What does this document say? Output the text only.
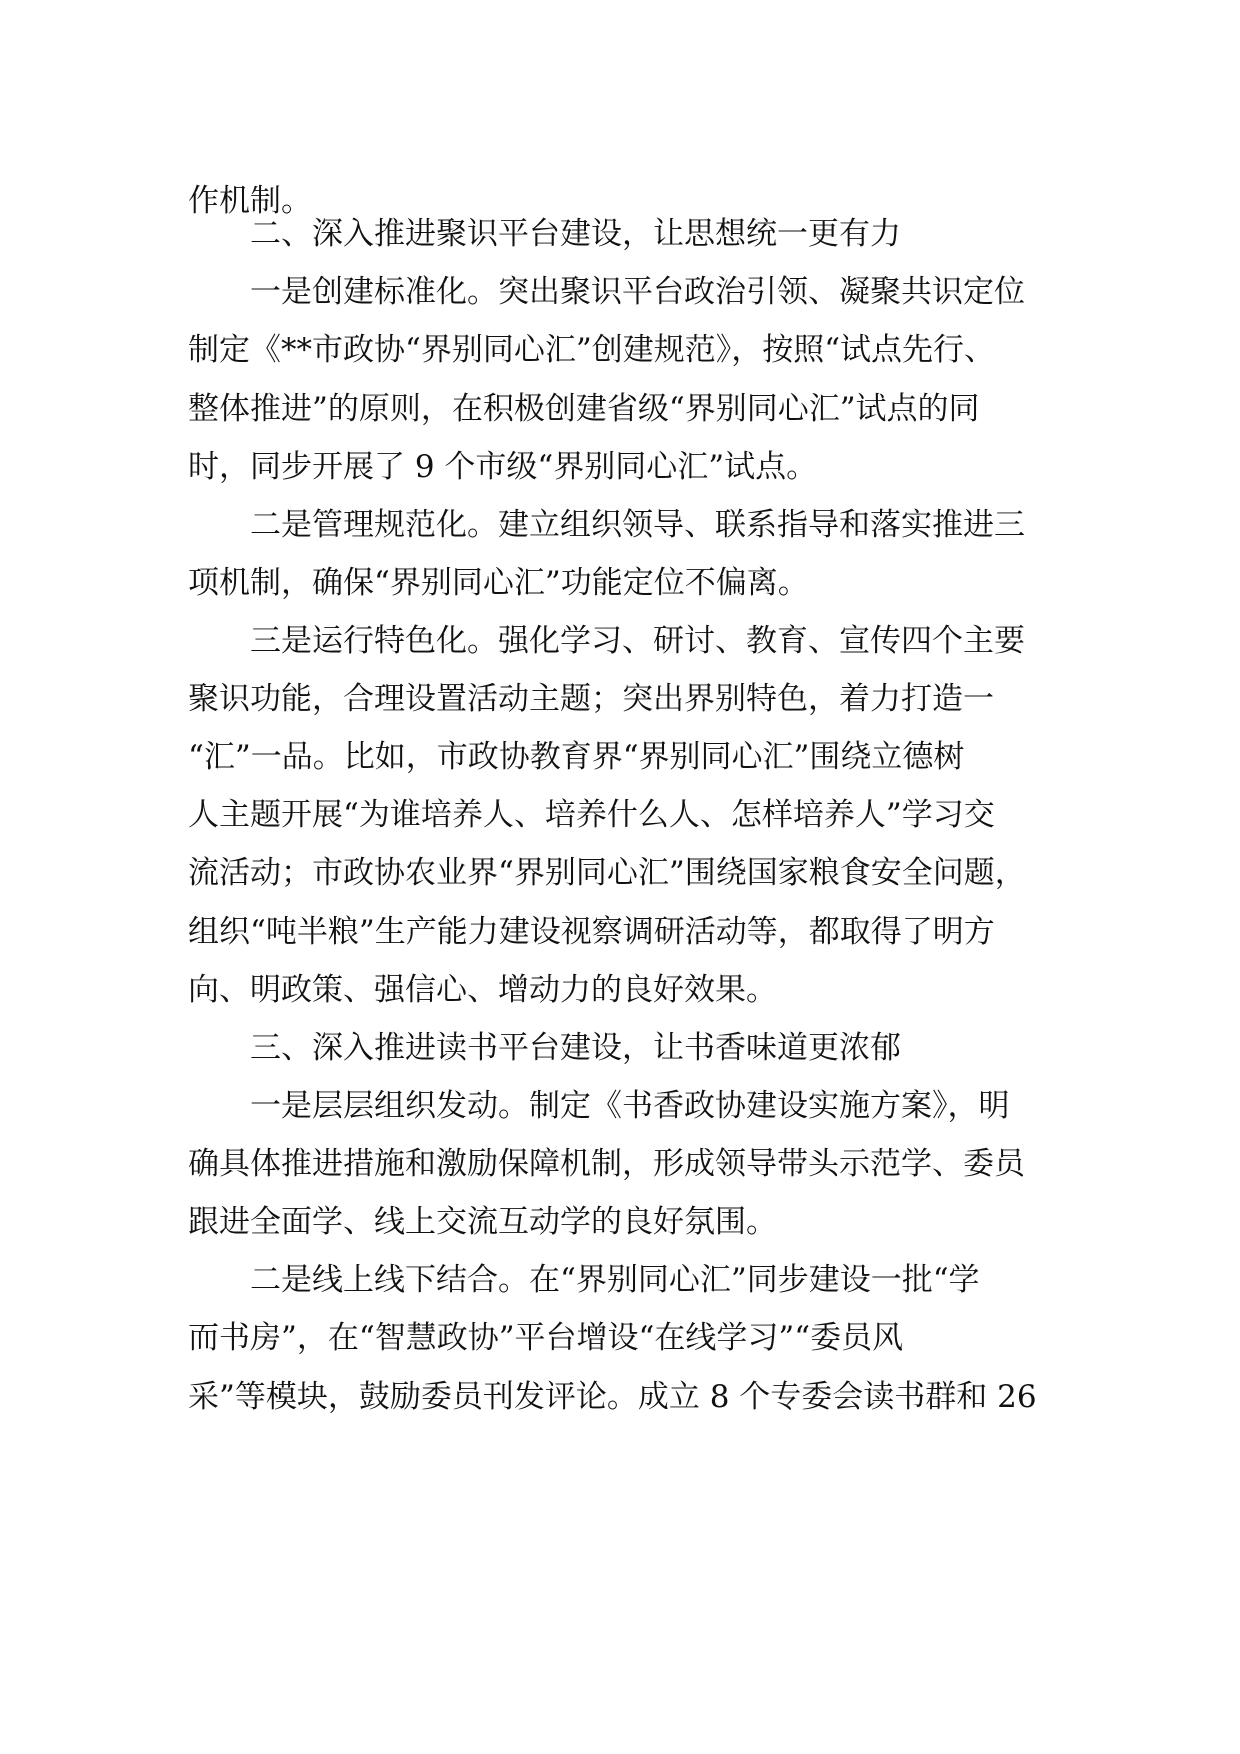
作机制。
二、深入推进聚识平台建设，让思想统一更有力
一是创建标准化。突出聚识平台政治引领、凝聚共识定位
制定《**市政协“界别同心汇”创建规范》，按照“试点先行、
整体推进”的原则，在积极创建省级“界别同心汇”试点的同
时，同步开展了 9 个市级“界别同心汇”试点。
二是管理规范化。建立组织领导、联系指导和落实推进三
项机制，确保“界别同心汇”功能定位不偏离。
三是运行特色化。强化学习、研讨、教育、宣传四个主要
聚识功能，合理设置活动主题；突出界别特色，着力打造一
“汇”一品。比如，市政协教育界“界别同心汇”围绕立德树
人主题开展“为谁培养人、培养什么人、怎样培养人”学习交
流活动；市政协农业界“界别同心汇”围绕国家粮食安全问题，
组织“吨半粮”生产能力建设视察调研活动等，都取得了明方
向、明政策、强信心、增动力的良好效果。
三、深入推进读书平台建设，让书香味道更浓郁
一是层层组织发动。制定《书香政协建设实施方案》，明
确具体推进措施和激励保障机制，形成领导带头示范学、委员
跟进全面学、线上交流互动学的良好氛围。
二是线上线下结合。在“界别同心汇”同步建设一批“学
而书房”，在“智慧政协”平台增设“在线学习”“委员风
采”等模块，鼓励委员刊发评论。成立 8 个专委会读书群和 26
